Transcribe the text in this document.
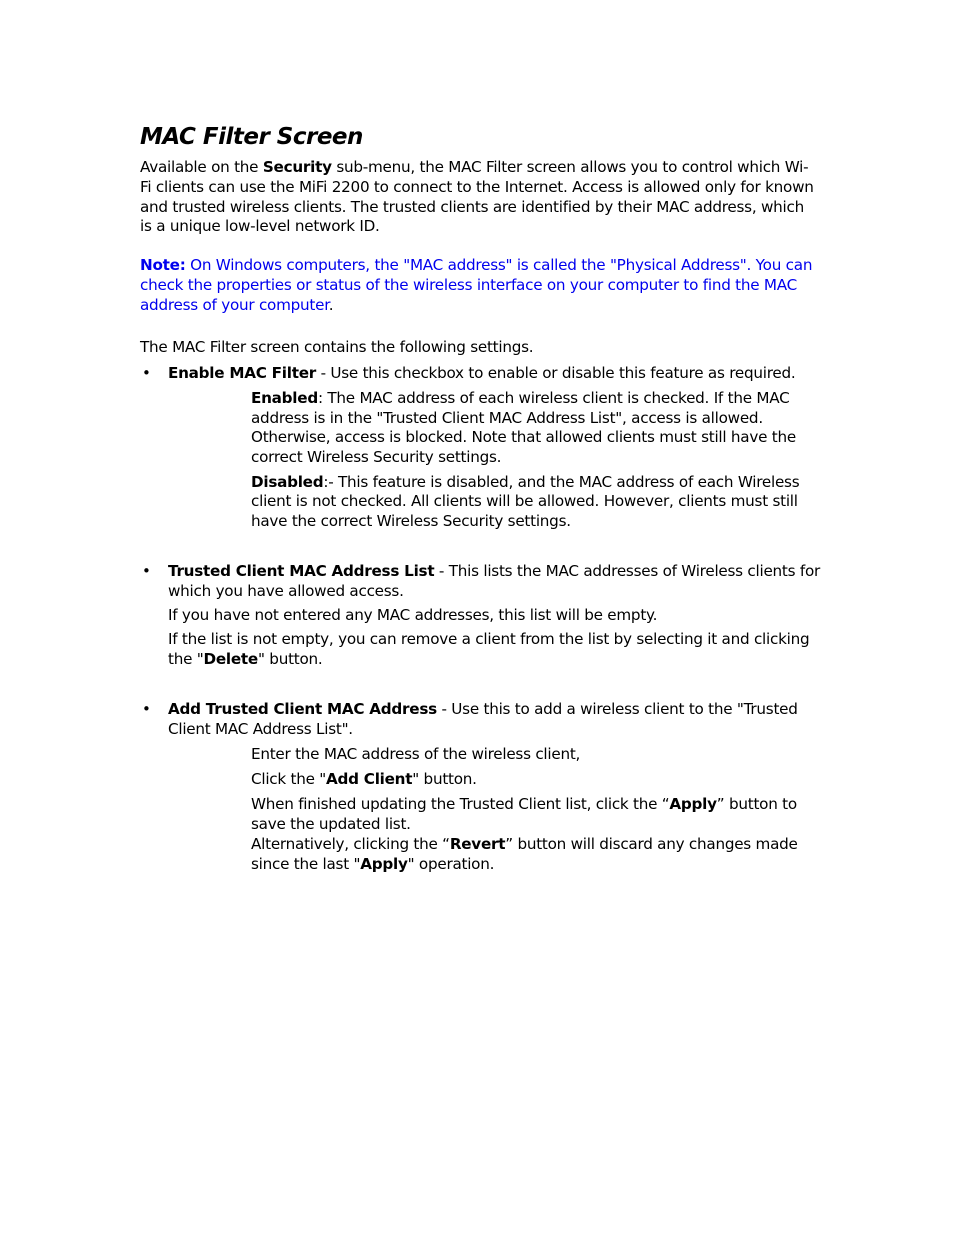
MAC Filter Screen

Available on the Security sub-menu, the MAC Filter screen allows you to control which Wi-

Fi clients can use the MiFi 2200 to connect to the Internet. Access is allowed only for known

and trusted wireless clients. The trusted clients are identified by their MAC address, which

is a unique low-level network ID.

Note: On Windows computers, the "MAC address" is called the "Physical Address". You can

check the properties or status of the wireless interface on your computer to find the MAC

address of your computer.

The MAC Filter screen contains the following settings.

• Enable MAC Filter - Use this checkbox to enable or disable this feature as required.

Enabled: The MAC address of each wireless client is checked. If the MAC

address is in the "Trusted Client MAC Address List", access is allowed.

Otherwise, access is blocked. Note that allowed clients must still have the

correct Wireless Security settings.

Disabled:- This feature is disabled, and the MAC address of each Wireless

client is not checked. All clients will be allowed. However, clients must still

have the correct Wireless Security settings.

• Trusted Client MAC Address List - This lists the MAC addresses of Wireless clients for

which you have allowed access.

If you have not entered any MAC addresses, this list will be empty.

If the list is not empty, you can remove a client from the list by selecting it and clicking

the "Delete" button.

• Add Trusted Client MAC Address - Use this to add a wireless client to the "Trusted

Client MAC Address List".

Enter the MAC address of the wireless client,

Click the "Add Client" button.

When finished updating the Trusted Client list, click the “Apply” button to

save the updated list.

Alternatively, clicking the “Revert” button will discard any changes made

since the last "Apply" operation.
